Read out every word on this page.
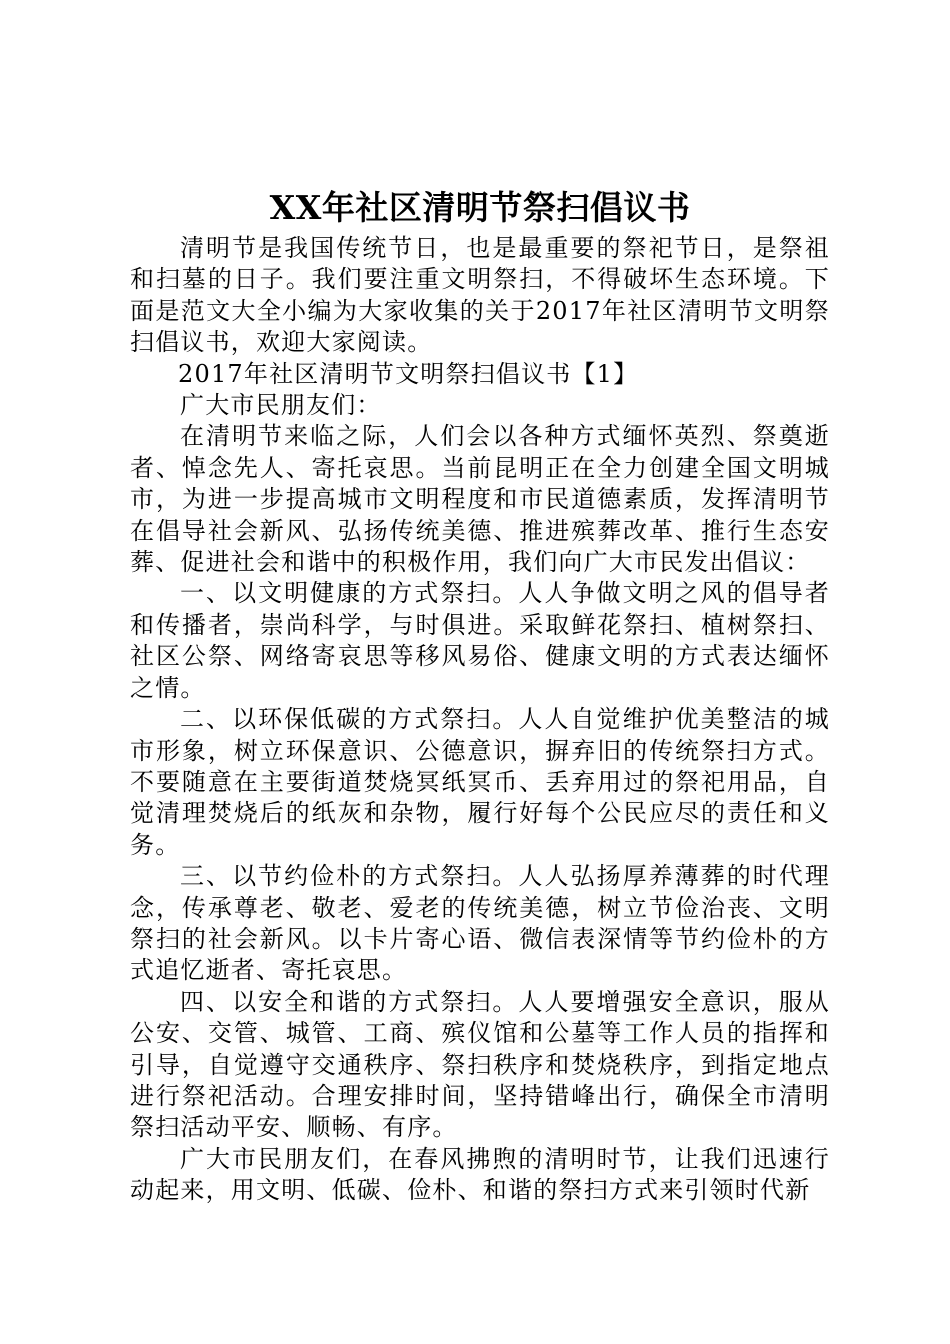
XX年社区清明节祭扫倡议书

清明节是我国传统节日，也是最重要的祭祀节日，是祭祖和扫墓的日子。我们要注重文明祭扫，不得破坏生态环境。下面是范文大全小编为大家收集的关于2017年社区清明节文明祭扫倡议书，欢迎大家阅读。

2017年社区清明节文明祭扫倡议书【1】

广大市民朋友们：

在清明节来临之际，人们会以各种方式缅怀英烈、祭奠逝者、悼念先人、寄托哀思。当前昆明正在全力创建全国文明城市，为进一步提高城市文明程度和市民道德素质，发挥清明节在倡导社会新风、弘扬传统美德、推进殡葬改革、推行生态安葬、促进社会和谐中的积极作用，我们向广大市民发出倡议：

一、以文明健康的方式祭扫。人人争做文明之风的倡导者和传播者，崇尚科学，与时俱进。采取鲜花祭扫、植树祭扫、社区公祭、网络寄哀思等移风易俗、健康文明的方式表达缅怀之情。

二、以环保低碳的方式祭扫。人人自觉维护优美整洁的城市形象，树立环保意识、公德意识，摒弃旧的传统祭扫方式。不要随意在主要街道焚烧冥纸冥币、丢弃用过的祭祀用品，自觉清理焚烧后的纸灰和杂物，履行好每个公民应尽的责任和义务。

三、以节约俭朴的方式祭扫。人人弘扬厚养薄葬的时代理念，传承尊老、敬老、爱老的传统美德，树立节俭治丧、文明祭扫的社会新风。以卡片寄心语、微信表深情等节约俭朴的方式追忆逝者、寄托哀思。

四、以安全和谐的方式祭扫。人人要增强安全意识，服从公安、交管、城管、工商、殡仪馆和公墓等工作人员的指挥和引导，自觉遵守交通秩序、祭扫秩序和焚烧秩序，到指定地点进行祭祀活动。合理安排时间，坚持错峰出行，确保全市清明祭扫活动平安、顺畅、有序。

广大市民朋友们，在春风拂煦的清明时节，让我们迅速行动起来，用文明、低碳、俭朴、和谐的祭扫方式来引领时代新
